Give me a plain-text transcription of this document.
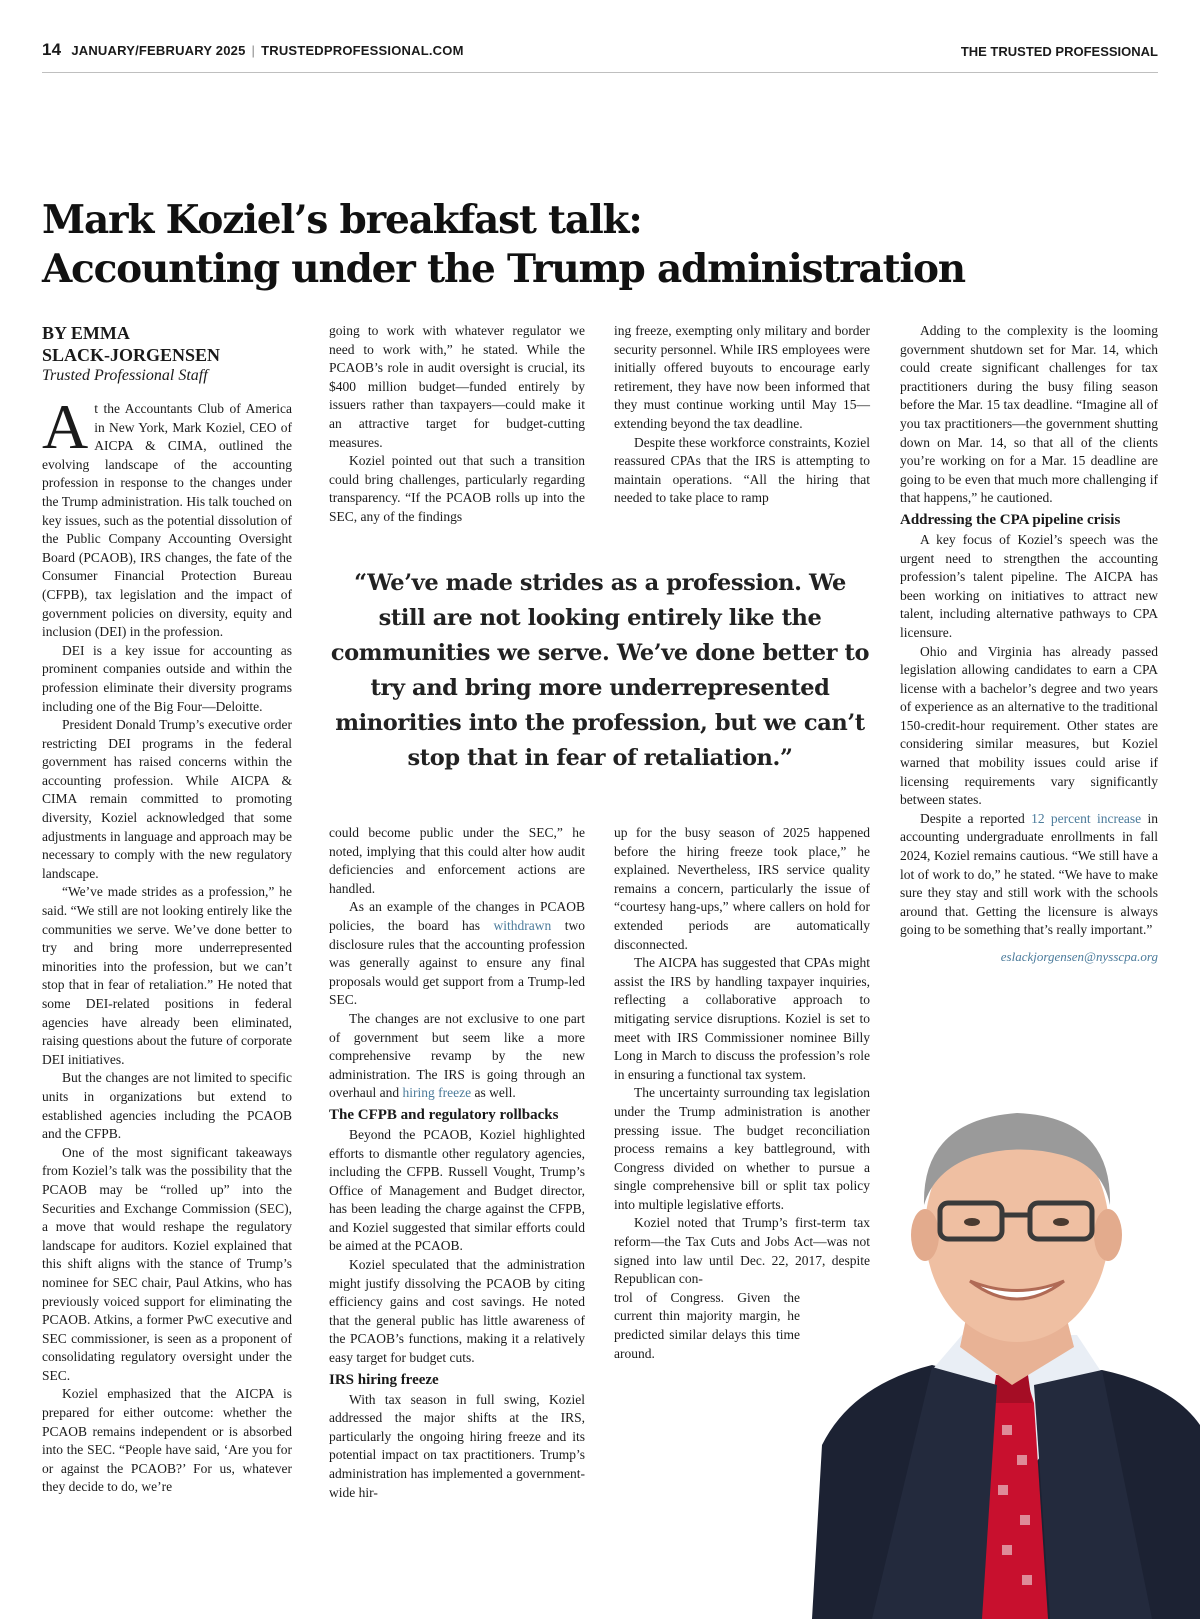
14 JANUARY/FEBRUARY 2025 | TRUSTEDPROFESSIONAL.COM	THE TRUSTED PROFESSIONAL
Mark Koziel’s breakfast talk:
Accounting under the Trump administration
BY EMMA
SLACK-JORGENSEN
Trusted Professional Staff

At the Accountants Club of America in New York, Mark Koziel, CEO of AICPA & CIMA, outlined the evolving landscape of the accounting profession in response to the changes under the Trump administration. His talk touched on key issues, such as the potential dissolution of the Public Company Accounting Oversight Board (PCAOB), IRS changes, the fate of the Consumer Financial Protection Bureau (CFPB), tax legislation and the impact of government policies on diversity, equity and inclusion (DEI) in the profession.

DEI is a key issue for accounting as prominent companies outside and within the profession eliminate their diversity programs including one of the Big Four—Deloitte.

President Donald Trump’s executive order restricting DEI programs in the federal government has raised concerns within the accounting profession. While AICPA & CIMA remain committed to promoting diversity, Koziel acknowledged that some adjustments in language and approach may be necessary to comply with the new regulatory landscape.

“We’ve made strides as a profession,” he said. “We still are not looking entirely like the communities we serve. We’ve done better to try and bring more underrepresented minorities into the profession, but we can’t stop that in fear of retaliation.” He noted that some DEI-related positions in federal agencies have already been eliminated, raising questions about the future of corporate DEI initiatives.

But the changes are not limited to specific units in organizations but extend to established agencies including the PCAOB and the CFPB.

One of the most significant takeaways from Koziel’s talk was the possibility that the PCAOB may be “rolled up” into the Securities and Exchange Commission (SEC), a move that would reshape the regulatory landscape for auditors. Koziel explained that this shift aligns with the stance of Trump’s nominee for SEC chair, Paul Atkins, who has previously voiced support for eliminating the PCAOB. Atkins, a former PwC executive and SEC commissioner, is seen as a proponent of consolidating regulatory oversight under the SEC.

Koziel emphasized that the AICPA is prepared for either outcome: whether the PCAOB remains independent or is absorbed into the SEC. “People have said, ‘Are you for or against the PCAOB?’ For us, whatever they decide to do, we’re

going to work with whatever regulator we need to work with,” he stated. While the PCAOB’s role in audit oversight is crucial, its $400 million budget—funded entirely by issuers rather than taxpayers—could make it an attractive target for budget-cutting measures.

Koziel pointed out that such a transition could bring challenges, particularly regarding transparency. “If the PCAOB rolls up into the SEC, any of the findings

ing freeze, exempting only military and border security personnel. While IRS employees were initially offered buyouts to encourage early retirement, they have now been informed that they must continue working until May 15—extending beyond the tax deadline.

Despite these workforce constraints, Koziel reassured CPAs that the IRS is attempting to maintain operations. “All the hiring that needed to take place to ramp

“We’ve made strides as a profession. We still are not looking entirely like the communities we serve. We’ve done better to try and bring more underrepresented minorities into the profession, but we can’t stop that in fear of retaliation.”

could become public under the SEC,” he noted, implying that this could alter how audit deficiencies and enforcement actions are handled.

As an example of the changes in PCAOB policies, the board has withdrawn two disclosure rules that the accounting profession was generally against to ensure any final proposals would get support from a Trump-led SEC.

The changes are not exclusive to one part of government but seem like a more comprehensive revamp by the new administration. The IRS is going through an overhaul and hiring freeze as well.

The CFPB and regulatory rollbacks

Beyond the PCAOB, Koziel highlighted efforts to dismantle other regulatory agencies, including the CFPB. Russell Vought, Trump’s Office of Management and Budget director, has been leading the charge against the CFPB, and Koziel suggested that similar efforts could be aimed at the PCAOB.

Koziel speculated that the administration might justify dissolving the PCAOB by citing efficiency gains and cost savings. He noted that the general public has little awareness of the PCAOB’s functions, making it a relatively easy target for budget cuts.

IRS hiring freeze

With tax season in full swing, Koziel addressed the major shifts at the IRS, particularly the ongoing hiring freeze and its potential impact on tax practitioners. Trump’s administration has implemented a government-wide hir-

up for the busy season of 2025 happened before the hiring freeze took place,” he explained. Nevertheless, IRS service quality remains a concern, particularly the issue of “courtesy hang-ups,” where callers on hold for extended periods are automatically disconnected.

The AICPA has suggested that CPAs might assist the IRS by handling taxpayer inquiries, reflecting a collaborative approach to mitigating service disruptions. Koziel is set to meet with IRS Commissioner nominee Billy Long in March to discuss the profession’s role in ensuring a functional tax system.

The uncertainty surrounding tax legislation under the Trump administration is another pressing issue. The budget reconciliation process remains a key battleground, with Congress divided on whether to pursue a single comprehensive bill or split tax policy into multiple legislative efforts.

Koziel noted that Trump’s first-term tax reform—the Tax Cuts and Jobs Act—was not signed into law until Dec. 22, 2017, despite Republican con-

trol of Congress. Given the current thin majority margin, he predicted similar delays this time around.

Adding to the complexity is the looming government shutdown set for Mar. 14, which could create significant challenges for tax practitioners during the busy filing season before the Mar. 15 tax deadline. “Imagine all of you tax practitioners—the government shutting down on Mar. 14, so that all of the clients you’re working on for a Mar. 15 deadline are going to be even that much more challenging if that happens,” he cautioned.

Addressing the CPA pipeline crisis

A key focus of Koziel’s speech was the urgent need to strengthen the accounting profession’s talent pipeline. The AICPA has been working on initiatives to attract new talent, including alternative pathways to CPA licensure.

Ohio and Virginia has already passed legislation allowing candidates to earn a CPA license with a bachelor’s degree and two years of experience as an alternative to the traditional 150-credit-hour requirement. Other states are considering similar measures, but Koziel warned that mobility issues could arise if licensing requirements vary significantly between states.

Despite a reported 12 percent increase in accounting undergraduate enrollments in fall 2024, Koziel remains cautious. “We still have a lot of work to do,” he stated. “We have to make sure they stay and still work with the schools around that. Getting the licensure is always going to be something that’s really important.”

eslackjorgensen@nysscpa.org
